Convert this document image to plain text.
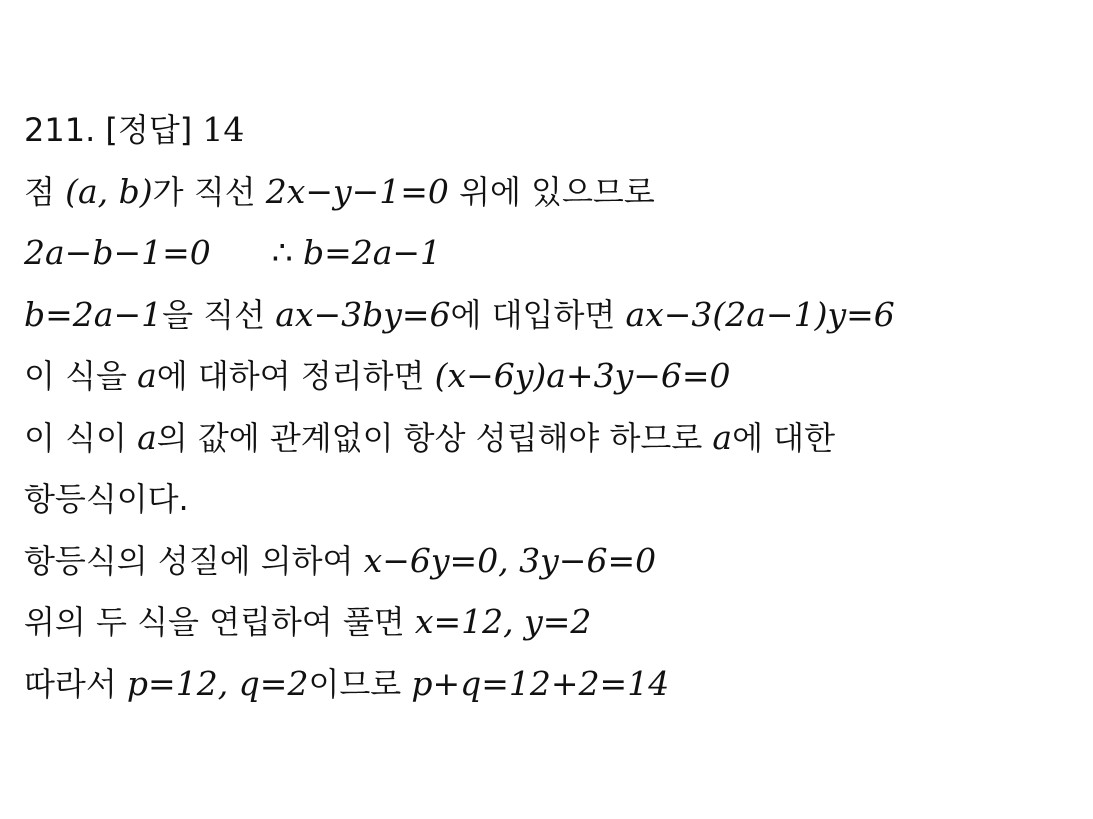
211. [정답] 14
점 (a, b)가 직선 2x−y−1=0 위에 있으므로
2a−b−1=0 ∴ b=2a−1
b=2a−1을 직선 ax−3by=6에 대입하면 ax−3(2a−1)y=6
이 식을 a에 대하여 정리하면 (x−6y)a+3y−6=0
이 식이 a의 값에 관계없이 항상 성립해야 하므로 a에 대한
항등식이다.
항등식의 성질에 의하여 x−6y=0, 3y−6=0
위의 두 식을 연립하여 풀면 x=12, y=2
따라서 p=12, q=2이므로 p+q=12+2=14
